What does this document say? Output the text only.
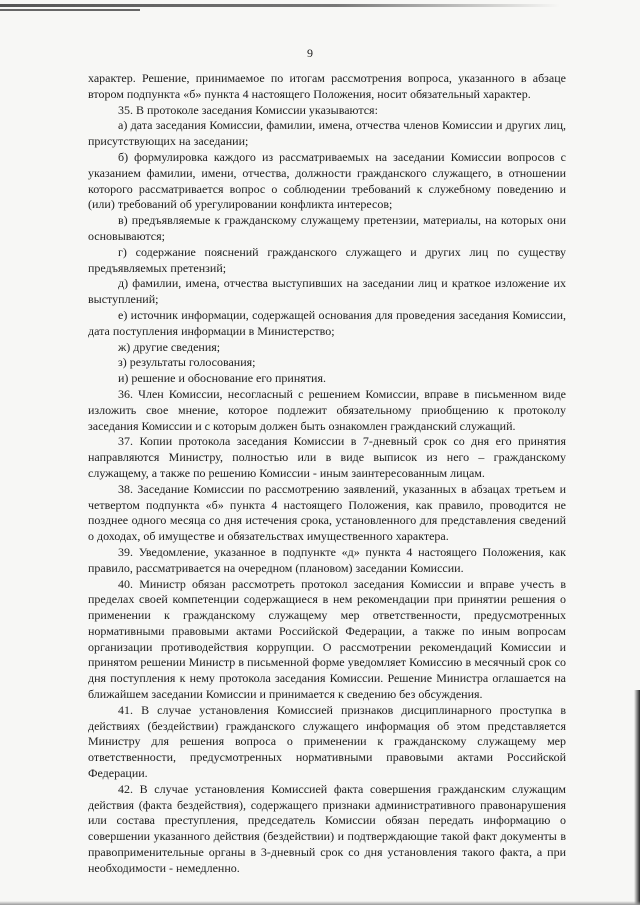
9

характер. Решение, принимаемое по итогам рассмотрения вопроса, указанного в абзаце втором подпункта «б» пункта 4 настоящего Положения, носит обязательный характер.

35. В протоколе заседания Комиссии указываются:

а) дата заседания Комиссии, фамилии, имена, отчества членов Комиссии и других лиц, присутствующих на заседании;

б) формулировка каждого из рассматриваемых на заседании Комиссии вопросов с указанием фамилии, имени, отчества, должности гражданского служащего, в отношении которого рассматривается вопрос о соблюдении требований к служебному поведению и (или) требований об урегулировании конфликта интересов;

в) предъявляемые к гражданскому служащему претензии, материалы, на которых они основываются;

г) содержание пояснений гражданского служащего и других лиц по существу предъявляемых претензий;

д) фамилии, имена, отчества выступивших на заседании лиц и краткое изложение их выступлений;

е) источник информации, содержащей основания для проведения заседания Комиссии, дата поступления информации в Министерство;

ж) другие сведения;

з) результаты голосования;

и) решение и обоснование его принятия.

36. Член Комиссии, несогласный с решением Комиссии, вправе в письменном виде изложить свое мнение, которое подлежит обязательному приобщению к протоколу заседания Комиссии и с которым должен быть ознакомлен гражданский служащий.

37. Копии протокола заседания Комиссии в 7-дневный срок со дня его принятия направляются Министру, полностью или в виде выписок из него – гражданскому служащему, а также по решению Комиссии - иным заинтересованным лицам.

38. Заседание Комиссии по рассмотрению заявлений, указанных в абзацах третьем и четвертом подпункта «б» пункта 4 настоящего Положения, как правило, проводится не позднее одного месяца со дня истечения срока, установленного для представления сведений о доходах, об имуществе и обязательствах имущественного характера.

39. Уведомление, указанное в подпункте «д» пункта 4 настоящего Положения, как правило, рассматривается на очередном (плановом) заседании Комиссии.

40. Министр обязан рассмотреть протокол заседания Комиссии и вправе учесть в пределах своей компетенции содержащиеся в нем рекомендации при принятии решения о применении к гражданскому служащему мер ответственности, предусмотренных нормативными правовыми актами Российской Федерации, а также по иным вопросам организации противодействия коррупции. О рассмотрении рекомендаций Комиссии и принятом решении Министр в письменной форме уведомляет Комиссию в месячный срок со дня поступления к нему протокола заседания Комиссии. Решение Министра оглашается на ближайшем заседании Комиссии и принимается к сведению без обсуждения.

41. В случае установления Комиссией признаков дисциплинарного проступка в действиях (бездействии) гражданского служащего информация об этом представляется Министру для решения вопроса о применении к гражданскому служащему мер ответственности, предусмотренных нормативными правовыми актами Российской Федерации.

42. В случае установления Комиссией факта совершения гражданским служащим действия (факта бездействия), содержащего признаки административного правонарушения или состава преступления, председатель Комиссии обязан передать информацию о совершении указанного действия (бездействии) и подтверждающие такой факт документы в правоприменительные органы в 3-дневный срок со дня установления такого факта, а при необходимости - немедленно.
